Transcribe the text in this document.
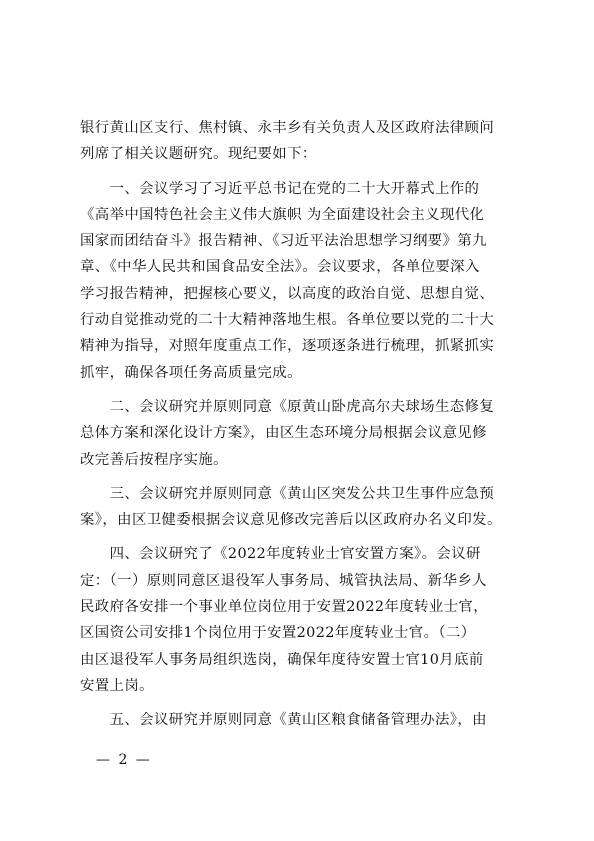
银行黄山区支行、焦村镇、永丰乡有关负责人及区政府法律顾问
列席了相关议题研究。现纪要如下：
　　一、会议学习了习近平总书记在党的二十大开幕式上作的
《高举中国特色社会主义伟大旗帜 为全面建设社会主义现代化
国家而团结奋斗》报告精神、《习近平法治思想学习纲要》第九
章、《中华人民共和国食品安全法》。会议要求，各单位要深入
学习报告精神，把握核心要义，以高度的政治自觉、思想自觉、
行动自觉推动党的二十大精神落地生根。各单位要以党的二十大
精神为指导，对照年度重点工作，逐项逐条进行梳理，抓紧抓实
抓牢，确保各项任务高质量完成。
　　二、会议研究并原则同意《原黄山卧虎高尔夫球场生态修复
总体方案和深化设计方案》，由区生态环境分局根据会议意见修
改完善后按程序实施。
　　三、会议研究并原则同意《黄山区突发公共卫生事件应急预
案》，由区卫健委根据会议意见修改完善后以区政府办名义印发。
　　四、会议研究了《2022年度转业士官安置方案》。会议研
定：（一）原则同意区退役军人事务局、城管执法局、新华乡人
民政府各安排一个事业单位岗位用于安置2022年度转业士官，
区国资公司安排1个岗位用于安置2022年度转业士官。（二）
由区退役军人事务局组织选岗，确保年度待安置士官10月底前
安置上岗。
　　五、会议研究并原则同意《黄山区粮食储备管理办法》，由
— 2 —
